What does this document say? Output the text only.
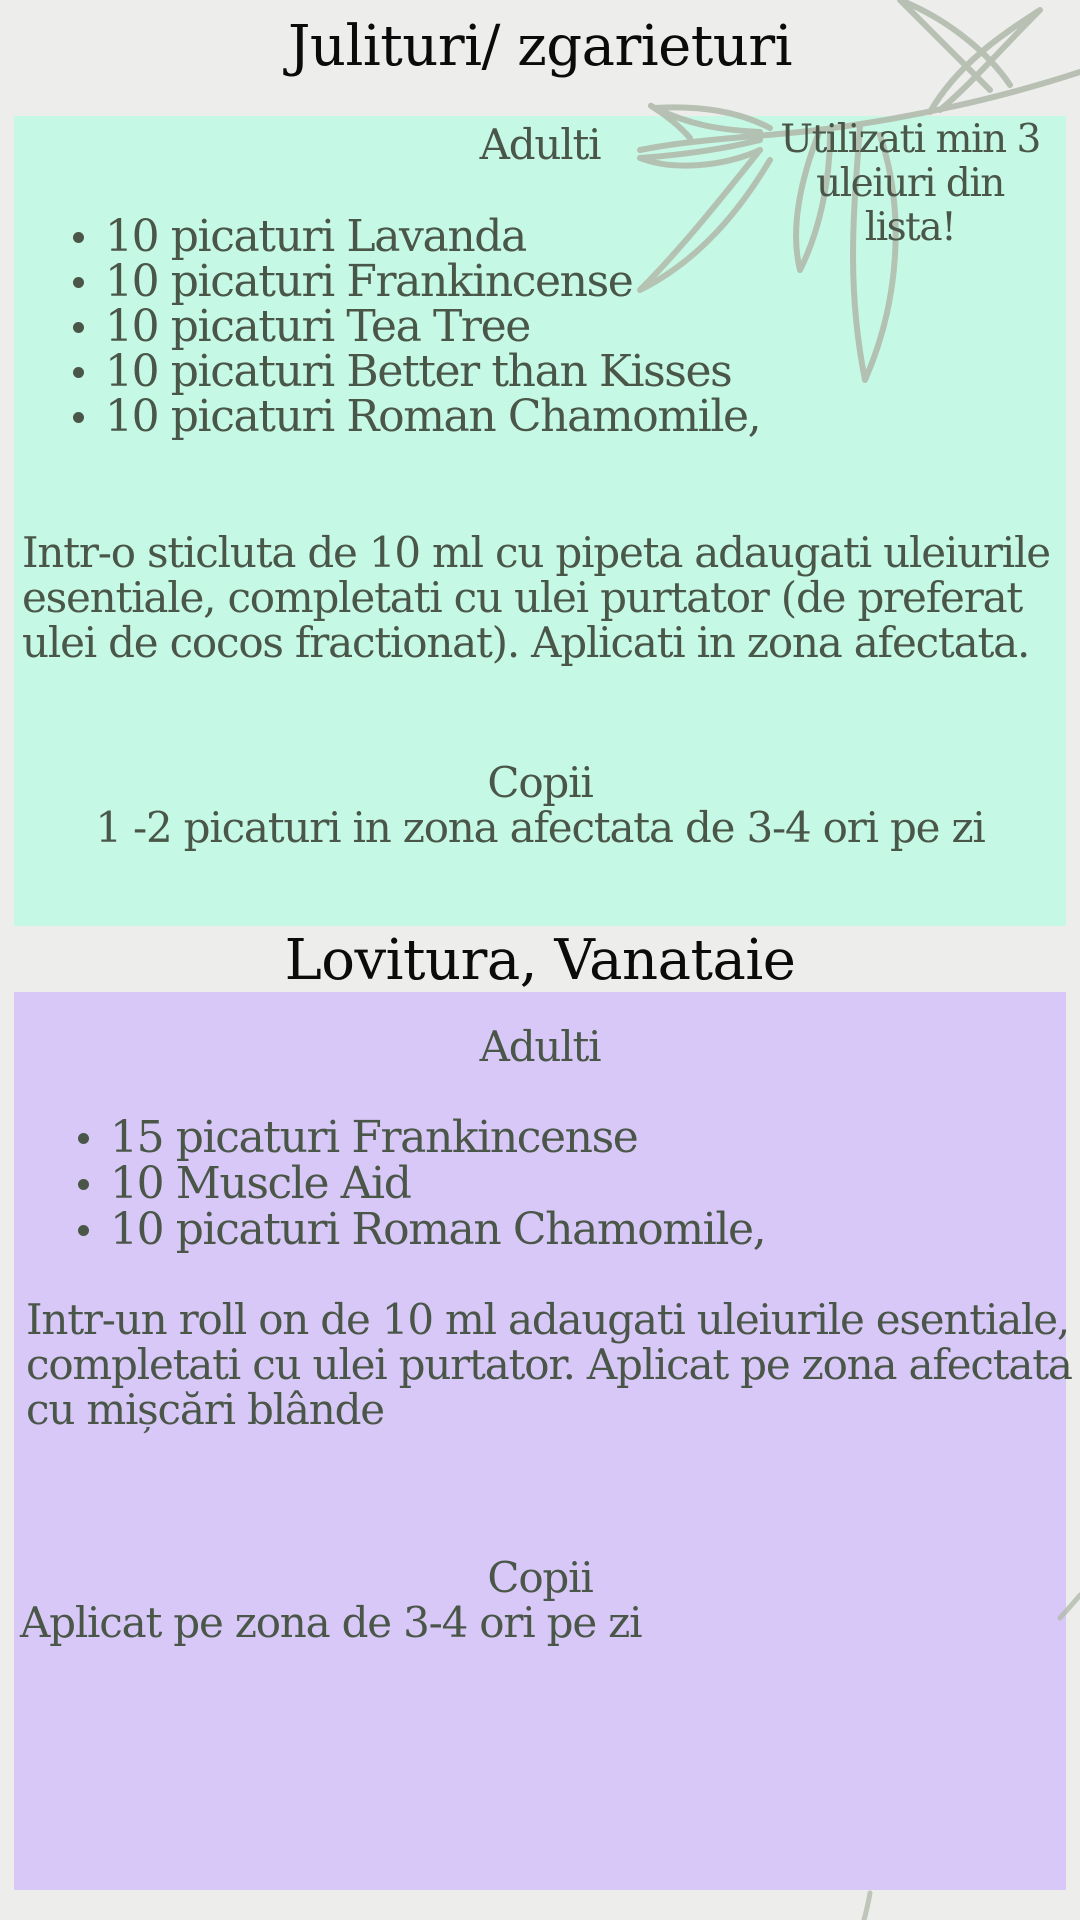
Julituri/ zgarieturi

Adulti	Utilizati min 3 uleiuri din lista!

10 picaturi Lavanda
10 picaturi Frankincense
10 picaturi Tea Tree
10 picaturi Better than Kisses
10 picaturi Roman Chamomile,

Intr-o sticluta de 10 ml cu pipeta adaugati uleiurile esentiale, completati cu ulei purtator (de preferat ulei de cocos fractionat). Aplicati in zona afectata.

Copii
1 -2 picaturi in zona afectata de 3-4 ori pe zi
Lovitura, Vanataie

Adulti

15 picaturi Frankincense
10 Muscle Aid
10 picaturi Roman Chamomile,

Intr-un roll on de 10 ml adaugati uleiurile esentiale, completati cu ulei purtator. Aplicat pe zona afectata cu mișcări blânde

Copii

Aplicat pe zona de 3-4 ori pe zi
